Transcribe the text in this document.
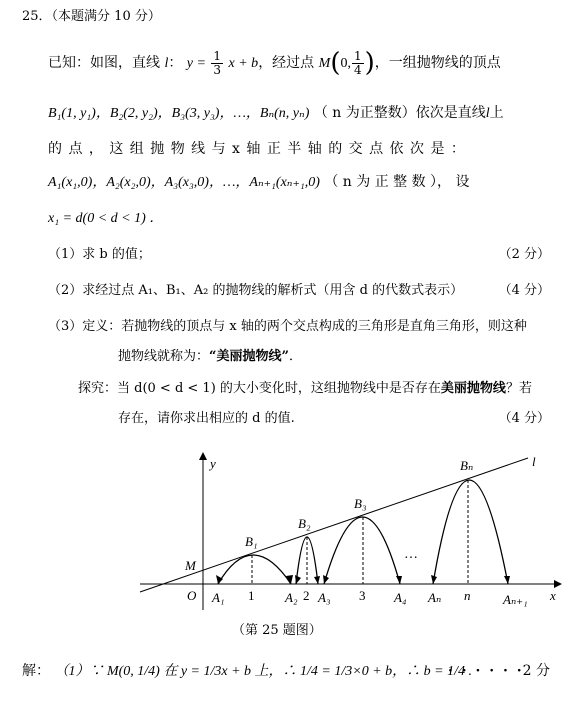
25．（本题满分 10 分）
已知：如图，直线 l： $y = \frac{1}{3}$ x + b，经过点 M(0, $\frac{1}{4}$ )，一组抛物线的顶点
B₁(1, y₁)，B₂(2, y₂)，B₃(3, y₃)，…，Bₙ(n, yₙ) （ n 为正整数）依次是直线l上
的 点 ， 这 组 抛 物 线 与 x 轴 正 半 轴 的 交 点 依 次 是 ：
A₁(x₁,0)，A₂(x₂,0)，A₃(x₃,0)，…，Aₙ₊₁(xₙ₊₁,0) （ n 为 正 整 数 ）， 设
x₁ = d(0 < d < 1) ．
（1）求 b 的值；	（2 分）
（2）求经过点 A₁、B₁、A₂ 的抛物线的解析式（用含 d 的代数式表示）	（4 分）
（3）定义：若抛物线的顶点与 x 轴的两个交点构成的三角形是直角三角形，则这种
抛物线就称为：“美丽抛物线”．
探究：当 d(0 < d < 1) 的大小变化时，这组抛物线中是否存在美丽抛物线？若
存在，请你求出相应的 d 的值.	（4 分）
y
x
O
M
l
B₁
B₂
B₃
Bₙ
A₁	A₂ A₃	A₄ Aₙ	Aₙ₊₁
1	2	3	n
…
（第 25 题图）
解： （1）∵ M(0, 1/4) 在 y = 1/3x + b 上，∴ 1/4 = 1/3×0 + b，∴ b = 1/4 .
· · · · · · 2 分
